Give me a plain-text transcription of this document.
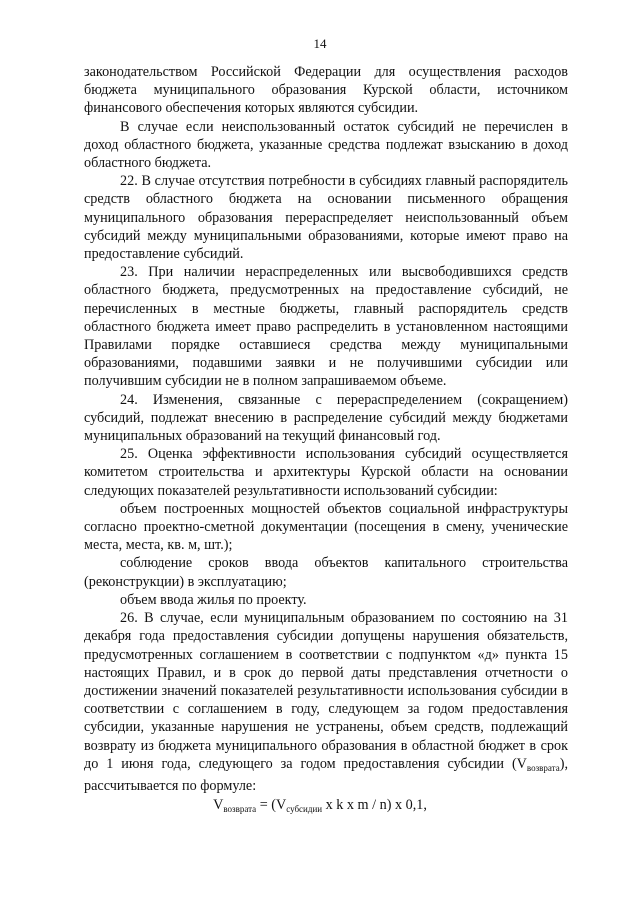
14

законодательством Российской Федерации для осуществления расходов бюджета муниципального образования Курской области, источником финансового обеспечения которых являются субсидии.

В случае если неиспользованный остаток субсидий не перечислен в доход областного бюджета, указанные средства подлежат взысканию в доход областного бюджета.

22. В случае отсутствия потребности в субсидиях главный распорядитель средств областного бюджета на основании письменного обращения муниципального образования перераспределяет неиспользованный объем субсидий между муниципальными образованиями, которые имеют право на предоставление субсидий.

23. При наличии нераспределенных или высвободившихся средств областного бюджета, предусмотренных на предоставление субсидий, не перечисленных в местные бюджеты, главный распорядитель средств областного бюджета имеет право распределить в установленном настоящими Правилами порядке оставшиеся средства между муниципальными образованиями, подавшими заявки и не получившими субсидии или получившим субсидии не в полном запрашиваемом объеме.

24. Изменения, связанные с перераспределением (сокращением) субсидий, подлежат внесению в распределение субсидий между бюджетами муниципальных образований на текущий финансовый год.

25. Оценка эффективности использования субсидий осуществляется комитетом строительства и архитектуры Курской области на основании следующих показателей результативности использований субсидии:

объем построенных мощностей объектов социальной инфраструктуры согласно проектно-сметной документации (посещения в смену, ученические места, места, кв. м, шт.);

соблюдение сроков ввода объектов капитального строительства (реконструкции) в эксплуатацию;

объем ввода жилья по проекту.

26. В случае, если муниципальным образованием по состоянию на 31 декабря года предоставления субсидии допущены нарушения обязательств, предусмотренных соглашением в соответствии с подпунктом «д» пункта 15 настоящих Правил, и в срок до первой даты представления отчетности о достижении значений показателей результативности использования субсидии в соответствии с соглашением в году, следующем за годом предоставления субсидии, указанные нарушения не устранены, объем средств, подлежащий возврату из бюджета муниципального образования в областной бюджет в срок до 1 июня года, следующего за годом предоставления субсидии $(V_{возврата})$, рассчитывается по формуле:

$V_{возврата} = (V_{субсидии}$ x k x m / n) x 0,1,
